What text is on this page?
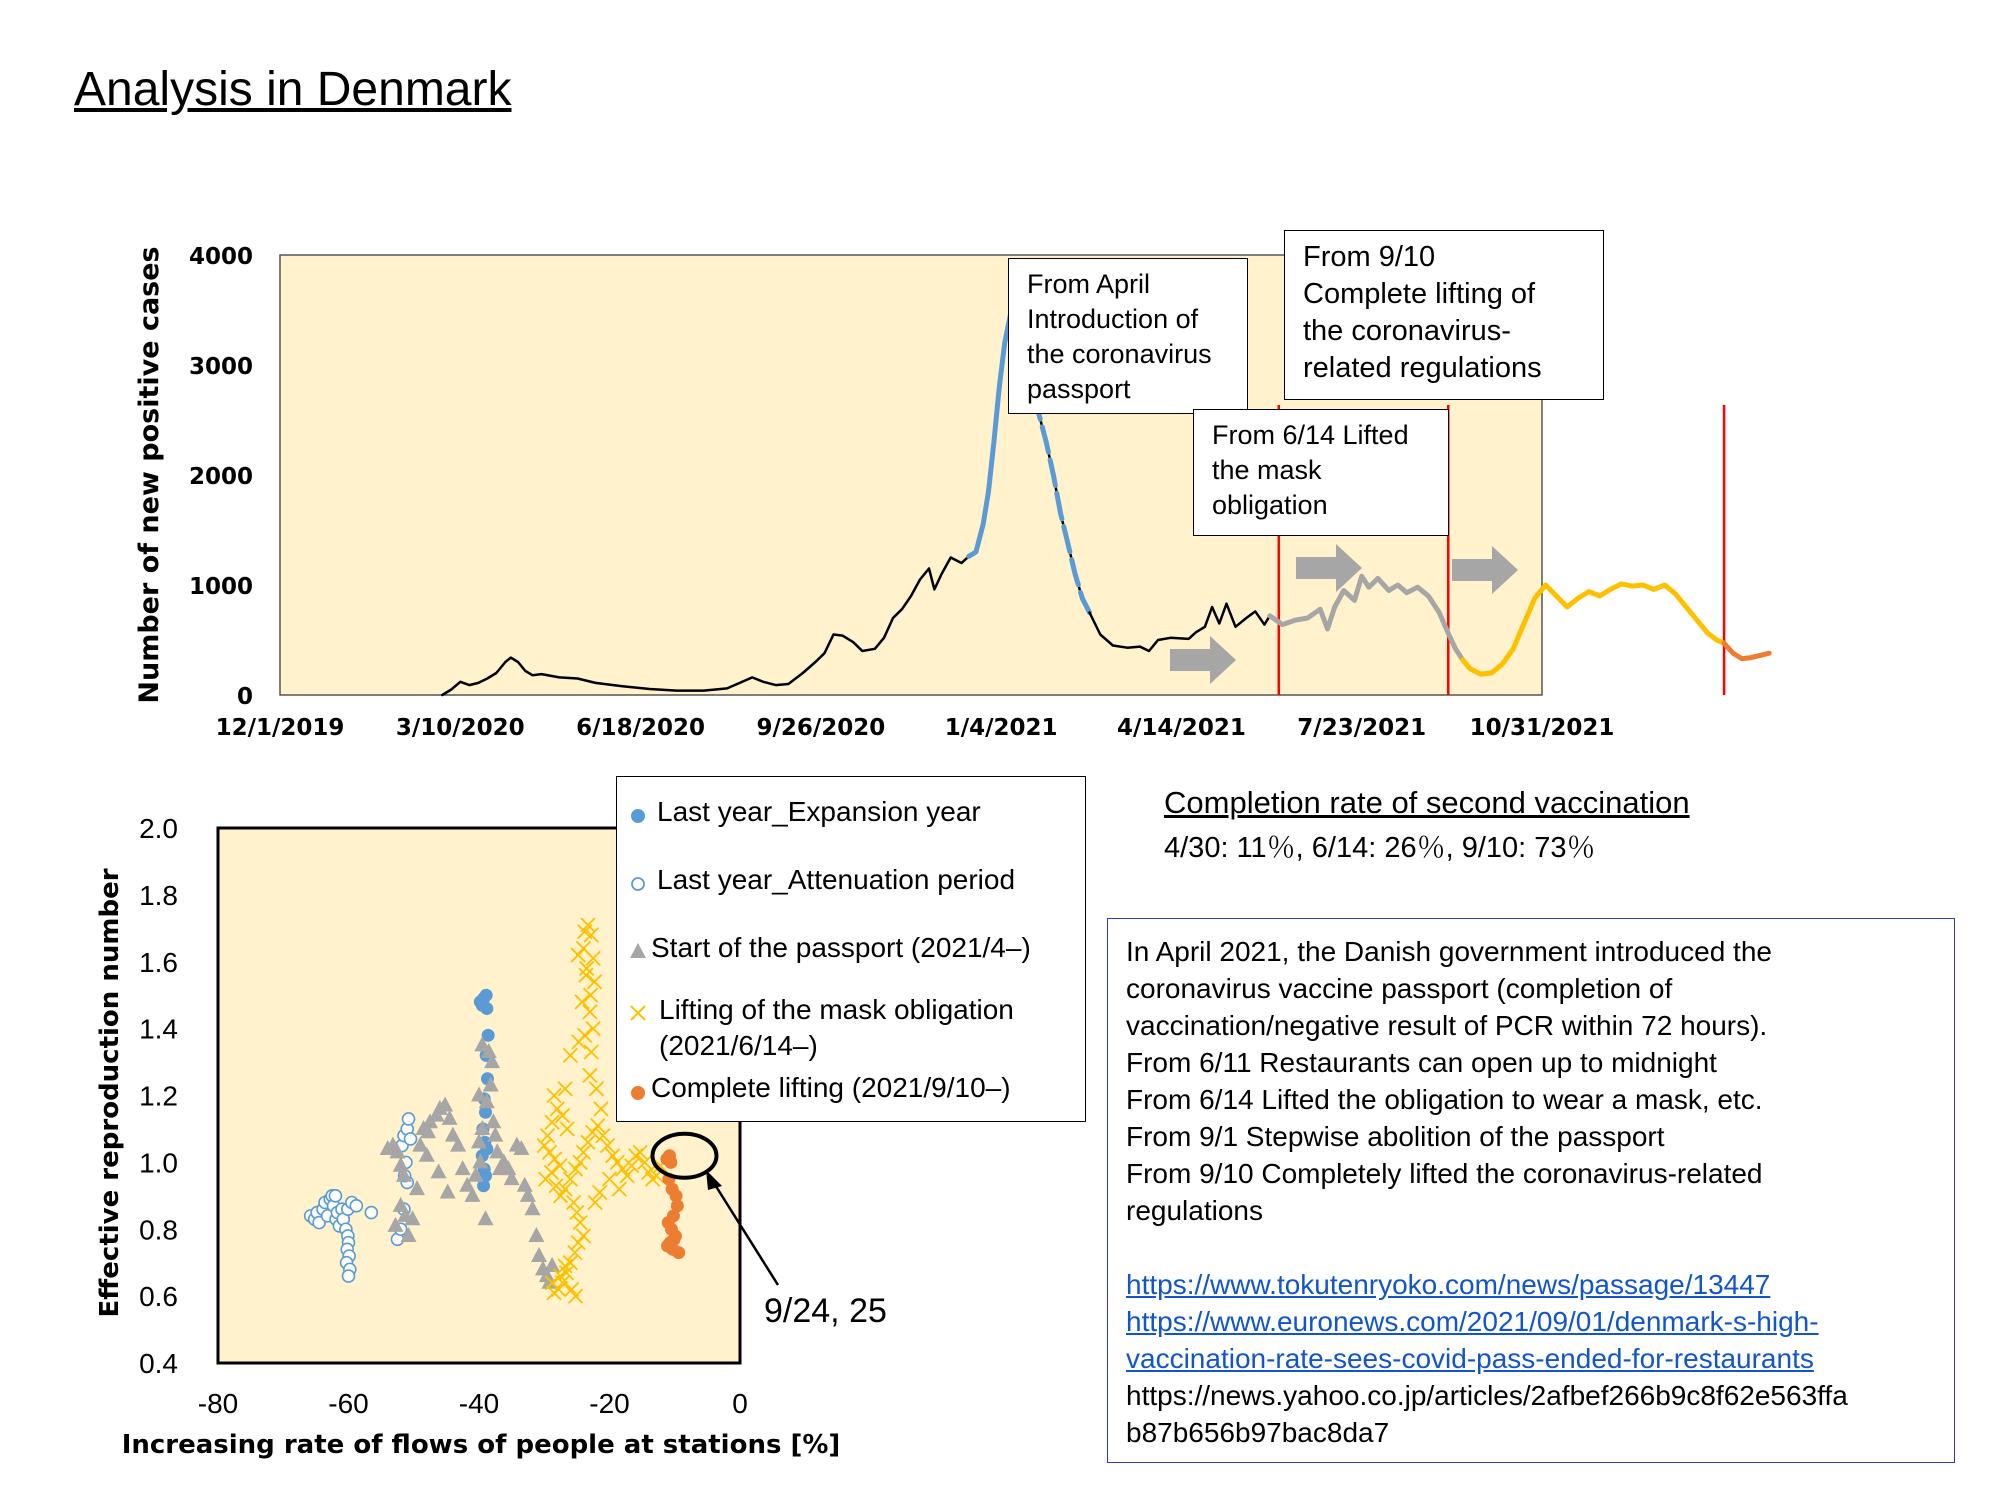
Analysis in Denmark
0
1000
2000
3000
4000
12/1/2019 3/10/2020 6/18/2020 9/26/2020	1/4/2021	4/14/2021 7/23/2021 10/31/2021
Number of new positive cases	From April
Introduction of
the coronavirus
passport
From 6/14 Lifted
the mask
obligation
From 9/10
Complete lifting of
the coronavirus-
related regulations
0.4
0.6
0.8
1.0
1.2
1.4
1.6
1.8
2.0
-80	-60	-40	-20	0
Effective reproduction number
Increasing rate of flows of people at stations [%]
Last year_Expansion year
Last year_Attenuation period
Start of the passport (2021/4–)
Lifting of the mask obligation
(2021/6/14–)
Complete lifting (2021/9/10–)
9/24, 25
Completion rate of second vaccination
4/30: 11％, 6/14: 26％, 9/10: 73％
In April 2021, the Danish government introduced the
coronavirus vaccine passport (completion of
vaccination/negative result of PCR within 72 hours).
From 6/11 Restaurants can open up to midnight
From 6/14 Lifted the obligation to wear a mask, etc.
From 9/1 Stepwise abolition of the passport
From 9/10 Completely lifted the coronavirus-related
regulations
https://www.tokutenryoko.com/news/passage/13447
https://www.euronews.com/2021/09/01/denmark-s-high-
vaccination-rate-sees-covid-pass-ended-for-restaurants
https://news.yahoo.co.jp/articles/2afbef266b9c8f62e563ffa
b87b656b97bac8da7
